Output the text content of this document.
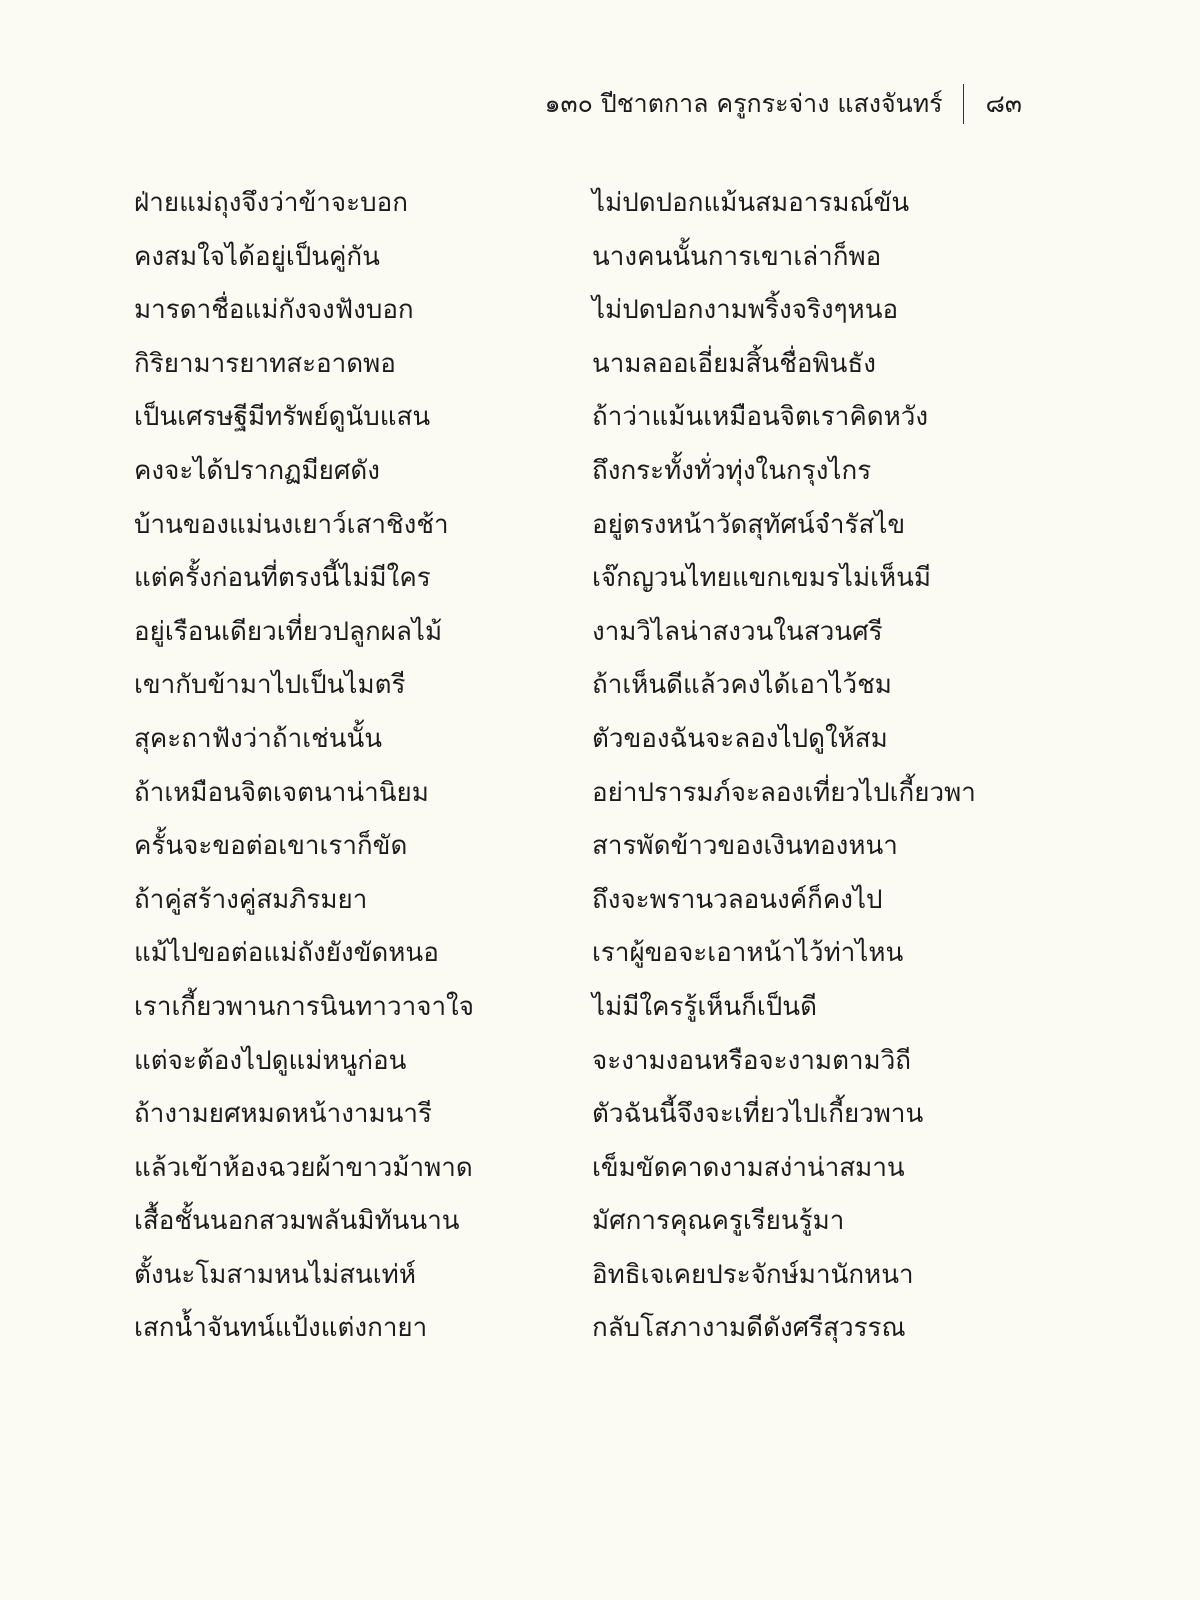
๑๓๐ ปีชาตกาล ครูกระจ่าง แสงจันทร์	๘๓
ฝ่ายแม่ถุงจึงว่าข้าจะบอก	ไม่ปดปอกแม้นสมอารมณ์ขัน
คงสมใจได้อยู่เป็นคู่กัน	นางคนนั้นการเขาเล่าก็พอ
มารดาชื่อแม่กังจงฟังบอก	ไม่ปดปอกงามพริ้งจริงๆหนอ
กิริยามารยาทสะอาดพอ	นามลออเอี่ยมสิ้นชื่อพินธัง
เป็นเศรษฐีมีทรัพย์ดูนับแสน	ถ้าว่าแม้นเหมือนจิตเราคิดหวัง
คงจะได้ปรากฏมียศดัง	ถึงกระทั้งทั่วทุ่งในกรุงไกร
บ้านของแม่นงเยาว์เสาชิงช้า	อยู่ตรงหน้าวัดสุทัศน์จำรัสไข
แต่ครั้งก่อนที่ตรงนี้ไม่มีใคร	เจ๊กญวนไทยแขกเขมรไม่เห็นมี
อยู่เรือนเดียวเที่ยวปลูกผลไม้	งามวิไลน่าสงวนในสวนศรี
เขากับข้ามาไปเป็นไมตรี	ถ้าเห็นดีแล้วคงได้เอาไว้ชม
สุคะถาฟังว่าถ้าเช่นนั้น	ตัวของฉันจะลองไปดูให้สม
ถ้าเหมือนจิตเจตนาน่านิยม	อย่าปรารมภ์จะลองเที่ยวไปเกี้ยวพา
ครั้นจะขอต่อเขาเราก็ขัด	สารพัดข้าวของเงินทองหนา
ถ้าคู่สร้างคู่สมภิรมยา	ถึงจะพรานวลอนงค์ก็คงไป
แม้ไปขอต่อแม่ถังยังขัดหนอ	เราผู้ขอจะเอาหน้าไว้ท่าไหน
เราเกี้ยวพานการนินทาวาจาใจ	ไม่มีใครรู้เห็นก็เป็นดี
แต่จะต้องไปดูแม่หนูก่อน	จะงามงอนหรือจะงามตามวิถี
ถ้างามยศหมดหน้างามนารี	ตัวฉันนี้จึงจะเที่ยวไปเกี้ยวพาน
แล้วเข้าห้องฉวยผ้าขาวม้าพาด	เข็มขัดคาดงามสง่าน่าสมาน
เสื้อชั้นนอกสวมพลันมิทันนาน	มัศการคุณครูเรียนรู้มา
ตั้งนะโมสามหนไม่สนเท่ห์	อิทธิเจเคยประจักษ์มานักหนา
เสกน้ำจันทน์แป้งแต่งกายา	กลับโสภางามดีดังศรีสุวรรณ
